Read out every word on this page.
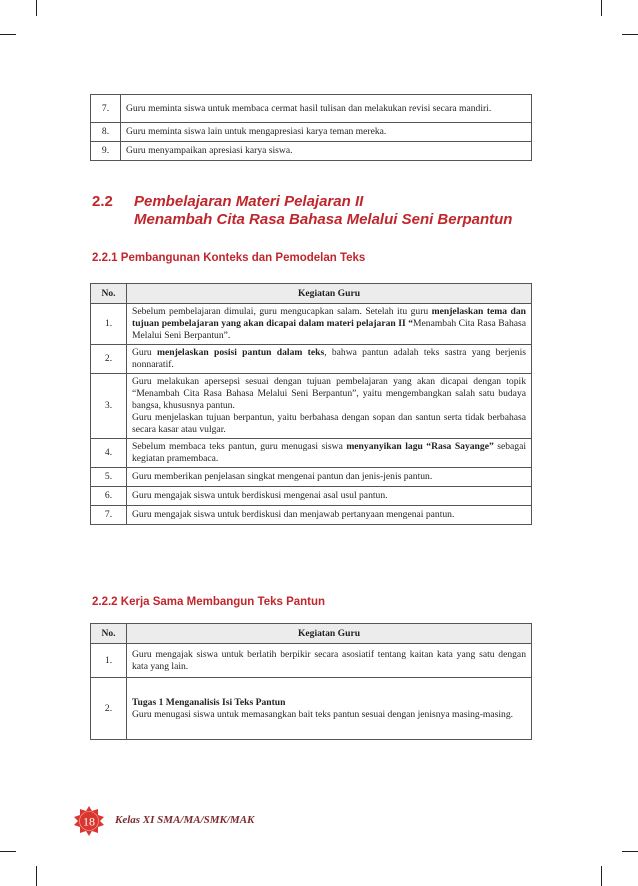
7.	Guru meminta siswa untuk membaca cermat hasil tulisan dan melakukan revisi secara mandiri.
8.	Guru meminta siswa lain untuk mengapresiasi karya teman mereka.
9.	Guru menyampaikan apresiasi karya siswa.
2.2 Pembelajaran Materi Pelajaran II
Menambah Cita Rasa Bahasa Melalui Seni Berpantun
2.2.1 Pembangunan Konteks dan Pemodelan Teks
No.	Kegiatan Guru
1.	Sebelum pembelajaran dimulai, guru mengucapkan salam. Setelah itu guru menjelaskan tema dan tujuan pembelajaran yang akan dicapai dalam materi pelajaran II “Menambah Cita Rasa Bahasa Melalui Seni Berpantun”.
2.	Guru menjelaskan posisi pantun dalam teks, bahwa pantun adalah teks sastra yang berjenis nonnaratif.
3.	Guru melakukan apersepsi sesuai dengan tujuan pembelajaran yang akan dicapai dengan topik “Menambah Cita Rasa Bahasa Melalui Seni Berpantun”, yaitu mengembangkan salah satu budaya bangsa, khususnya pantun.
Guru menjelaskan tujuan berpantun, yaitu berbahasa dengan sopan dan santun serta tidak berbahasa secara kasar atau vulgar.

4.	Sebelum membaca teks pantun, guru menugasi siswa menyanyikan lagu “Rasa Sayange” sebagai kegiatan pramembaca.
5.	Guru memberikan penjelasan singkat mengenai pantun dan jenis-jenis pantun.
6.	Guru mengajak siswa untuk berdiskusi mengenai asal usul pantun.
7.	Guru mengajak siswa untuk berdiskusi dan menjawab pertanyaan mengenai pantun.
2.2.2 Kerja Sama Membangun Teks Pantun
No.	Kegiatan Guru
1.	Guru mengajak siswa untuk berlatih berpikir secara asosiatif tentang kaitan kata yang satu dengan kata yang lain.
2.	Tugas 1 Menganalisis Isi Teks Pantun
Guru menugasi siswa untuk memasangkan bait teks pantun sesuai dengan jenisnya masing-masing.
18 Kelas XI SMA/MA/SMK/MAK
